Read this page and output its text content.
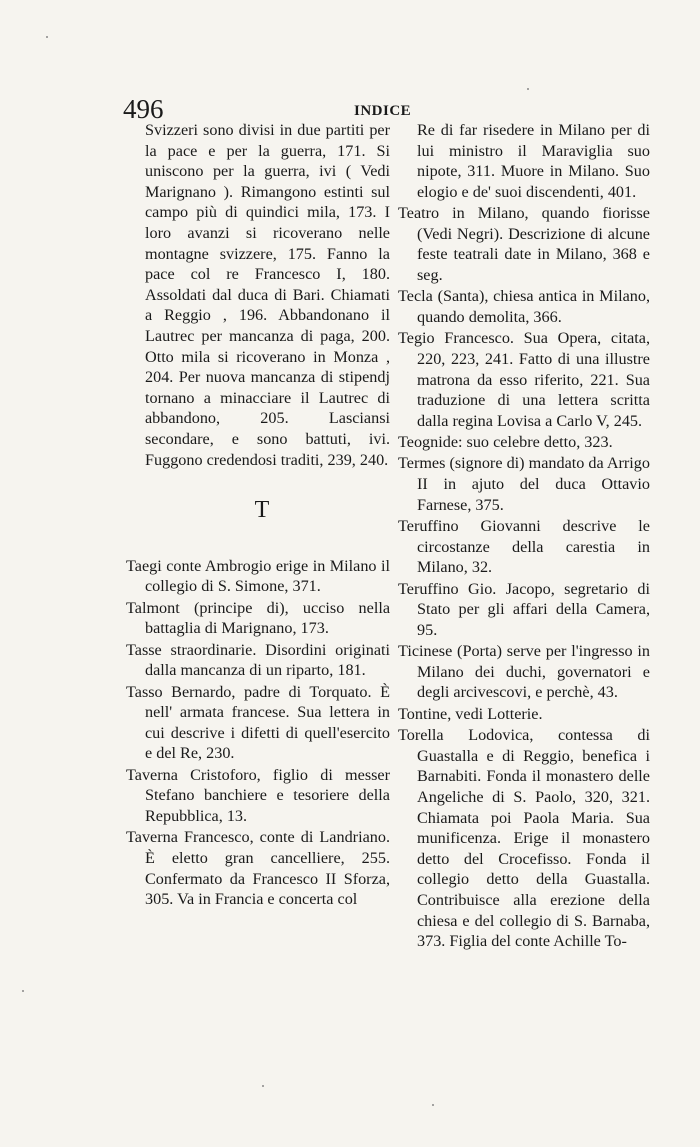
496	INDICE

Svizzeri sono divisi in due partiti per la pace e per la guerra, 171. Si uniscono per la guerra, ivi ( Vedi Marignano ). Rimangono estinti sul campo più di quindici mila, 173. I loro avanzi si ricoverano nelle montagne svizzere, 175. Fanno la pace col re Francesco I, 180. Assoldati dal duca di Bari. Chiamati a Reggio , 196. Abbandonano il Lautrec per mancanza di paga, 200. Otto mila si ricoverano in Monza , 204. Per nuova mancanza di stipendj tornano a minacciare il Lautrec di abbandono, 205. Lasciansi secondare, e sono battuti, ivi. Fuggono credendosi traditi, 239, 240.

T

Taegi conte Ambrogio erige in Milano il collegio di S. Simone, 371.

Talmont (principe di), ucciso nella battaglia di Marignano, 173.

Tasse straordinarie. Disordini originati dalla mancanza di un riparto, 181.

Tasso Bernardo, padre di Torquato. È nell' armata francese. Sua lettera in cui descrive i difetti di quell'esercito e del Re, 230.

Taverna Cristoforo, figlio di messer Stefano banchiere e tesoriere della Repubblica, 13.

Taverna Francesco, conte di Landriano. È eletto gran cancelliere, 255. Confermato da Francesco II Sforza, 305. Va in Francia e concerta col

Re di far risedere in Milano per di lui ministro il Maraviglia suo nipote, 311. Muore in Milano. Suo elogio e de' suoi discendenti, 401.

Teatro in Milano, quando fiorisse (Vedi Negri). Descrizione di alcune feste teatrali date in Milano, 368 e seg.

Tecla (Santa), chiesa antica in Milano, quando demolita, 366.

Tegio Francesco. Sua Opera, citata, 220, 223, 241. Fatto di una illustre matrona da esso riferito, 221. Sua traduzione di una lettera scritta dalla regina Lovisa a Carlo V, 245.

Teognide: suo celebre detto, 323.

Termes (signore di) mandato da Arrigo II in ajuto del duca Ottavio Farnese, 375.

Teruffino Giovanni descrive le circostanze della carestia in Milano, 32.

Teruffino Gio. Jacopo, segretario di Stato per gli affari della Camera, 95.

Ticinese (Porta) serve per l'ingresso in Milano dei duchi, governatori e degli arcivescovi, e perchè, 43.

Tontine, vedi Lotterie.

Torella Lodovica, contessa di Guastalla e di Reggio, benefica i Barnabiti. Fonda il monastero delle Angeliche di S. Paolo, 320, 321. Chiamata poi Paola Maria. Sua munificenza. Erige il monastero detto del Crocefisso. Fonda il collegio detto della Guastalla. Contribuisce alla erezione della chiesa e del collegio di S. Barnaba, 373. Figlia del conte Achille To-
